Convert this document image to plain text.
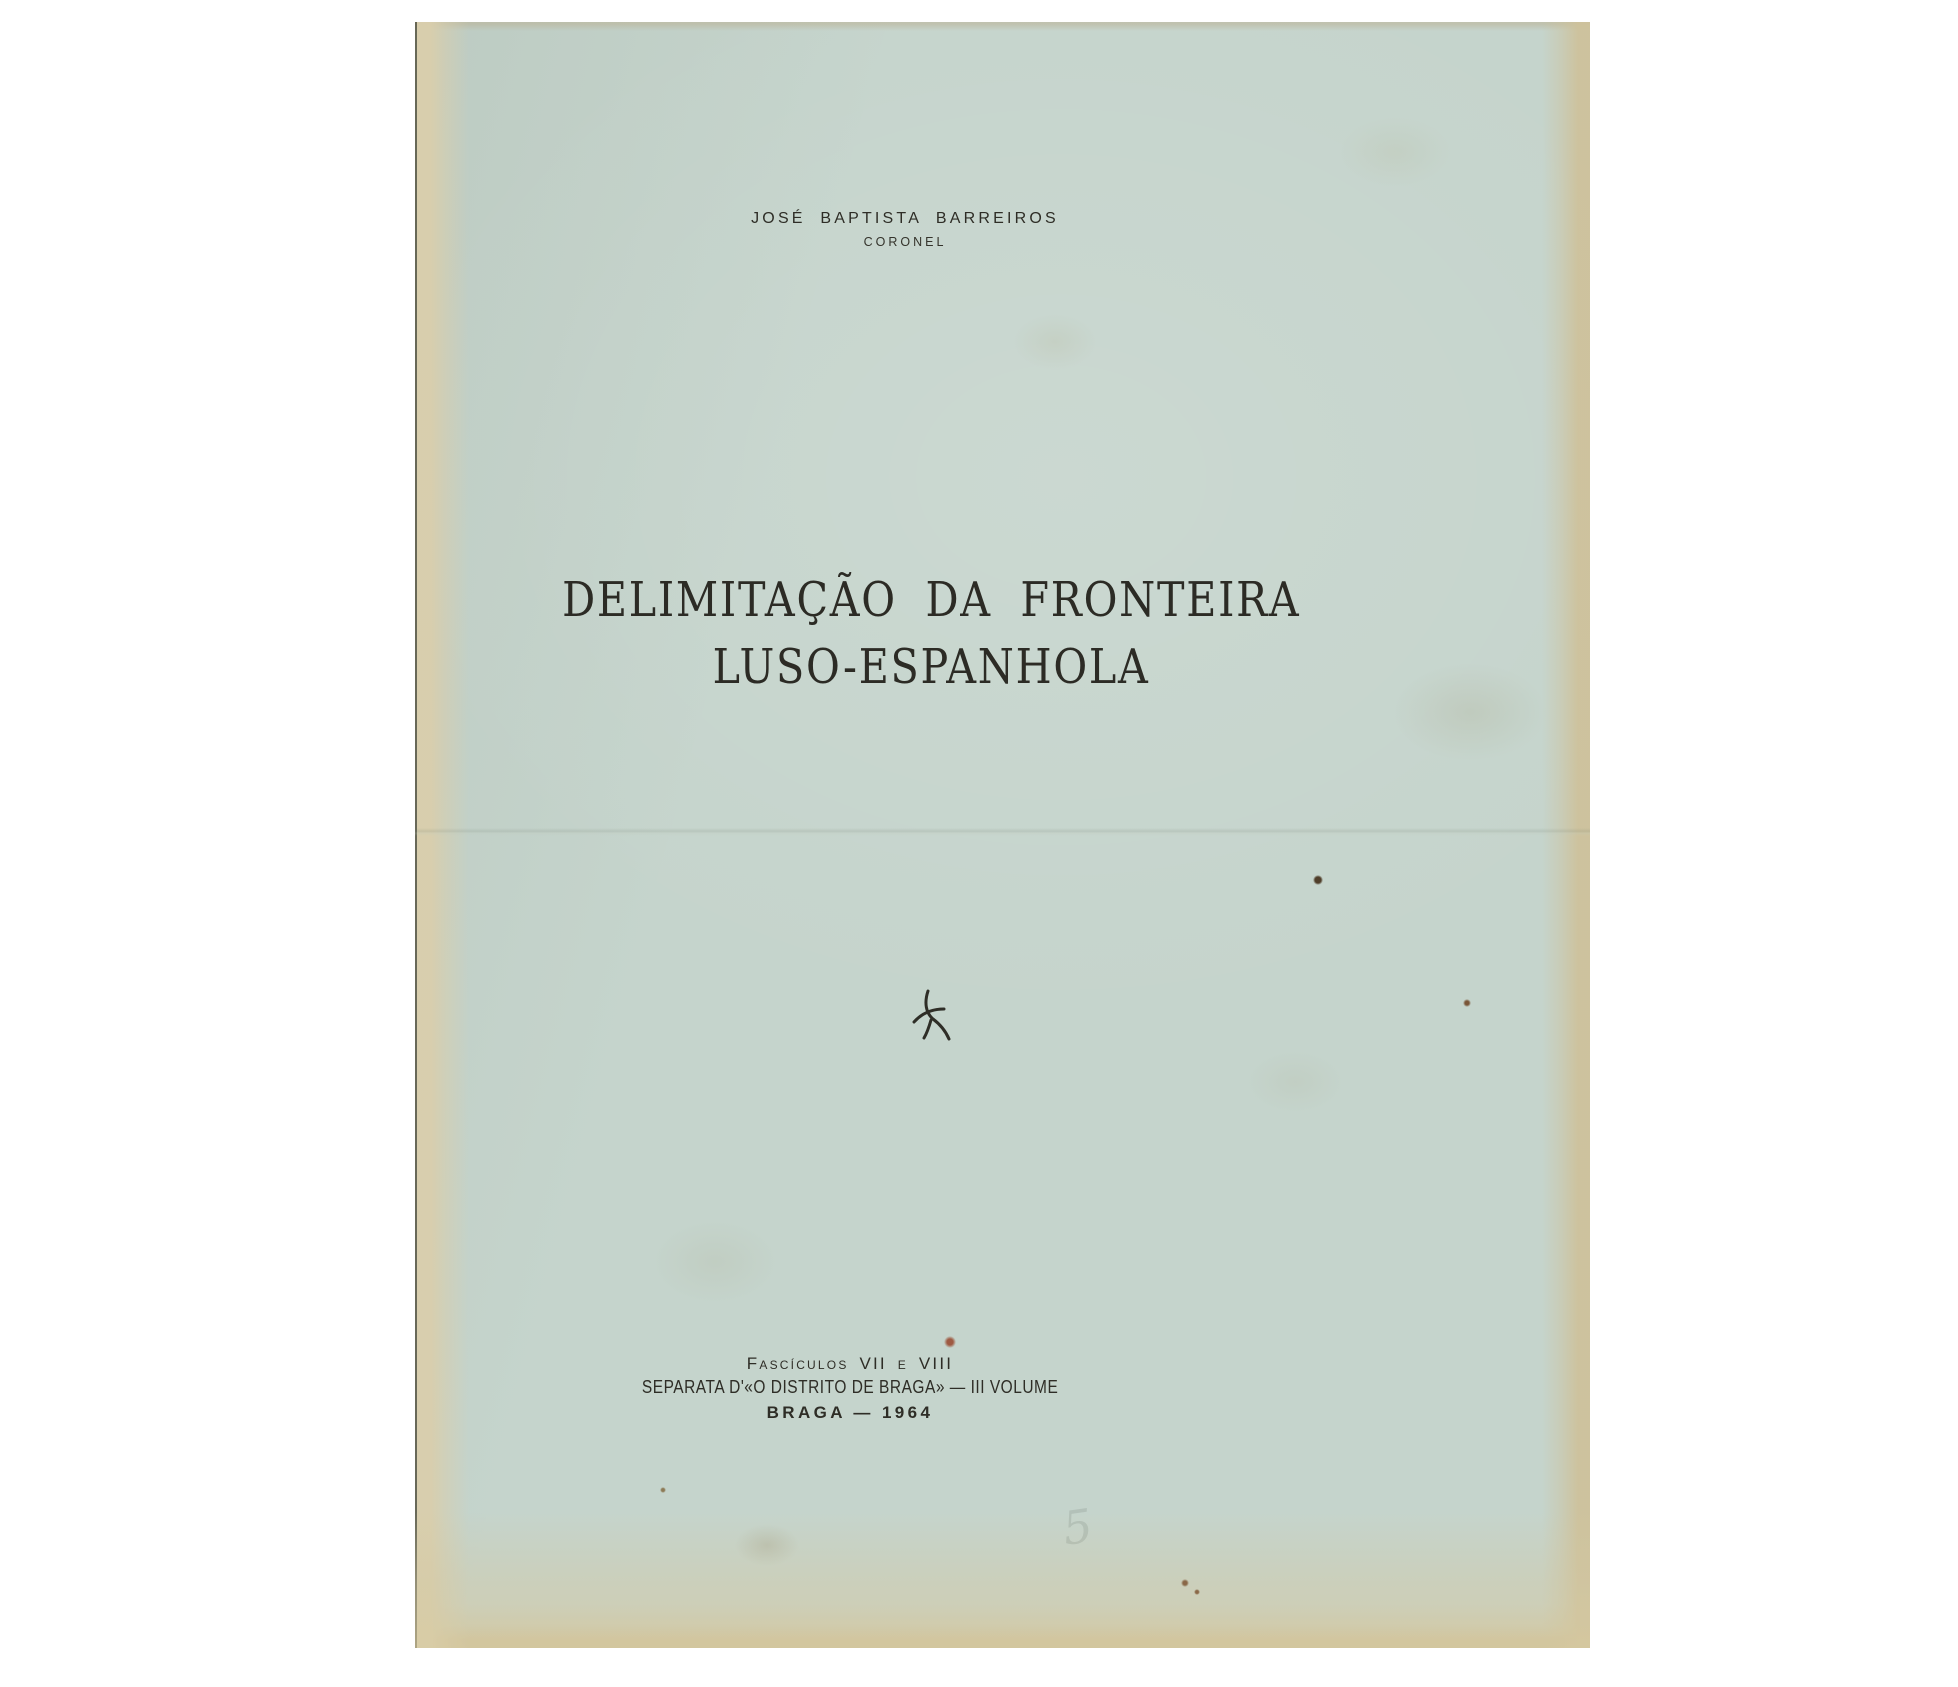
JOSÉ BAPTISTA BARREIROS
CORONEL
DELIMITAÇÃO DA FRONTEIRA
LUSO-ESPANHOLA
Fascículos VII e VIII
SEPARATA D'«O DISTRITO DE BRAGA» — III VOLUME
BRAGA — 1964
5
